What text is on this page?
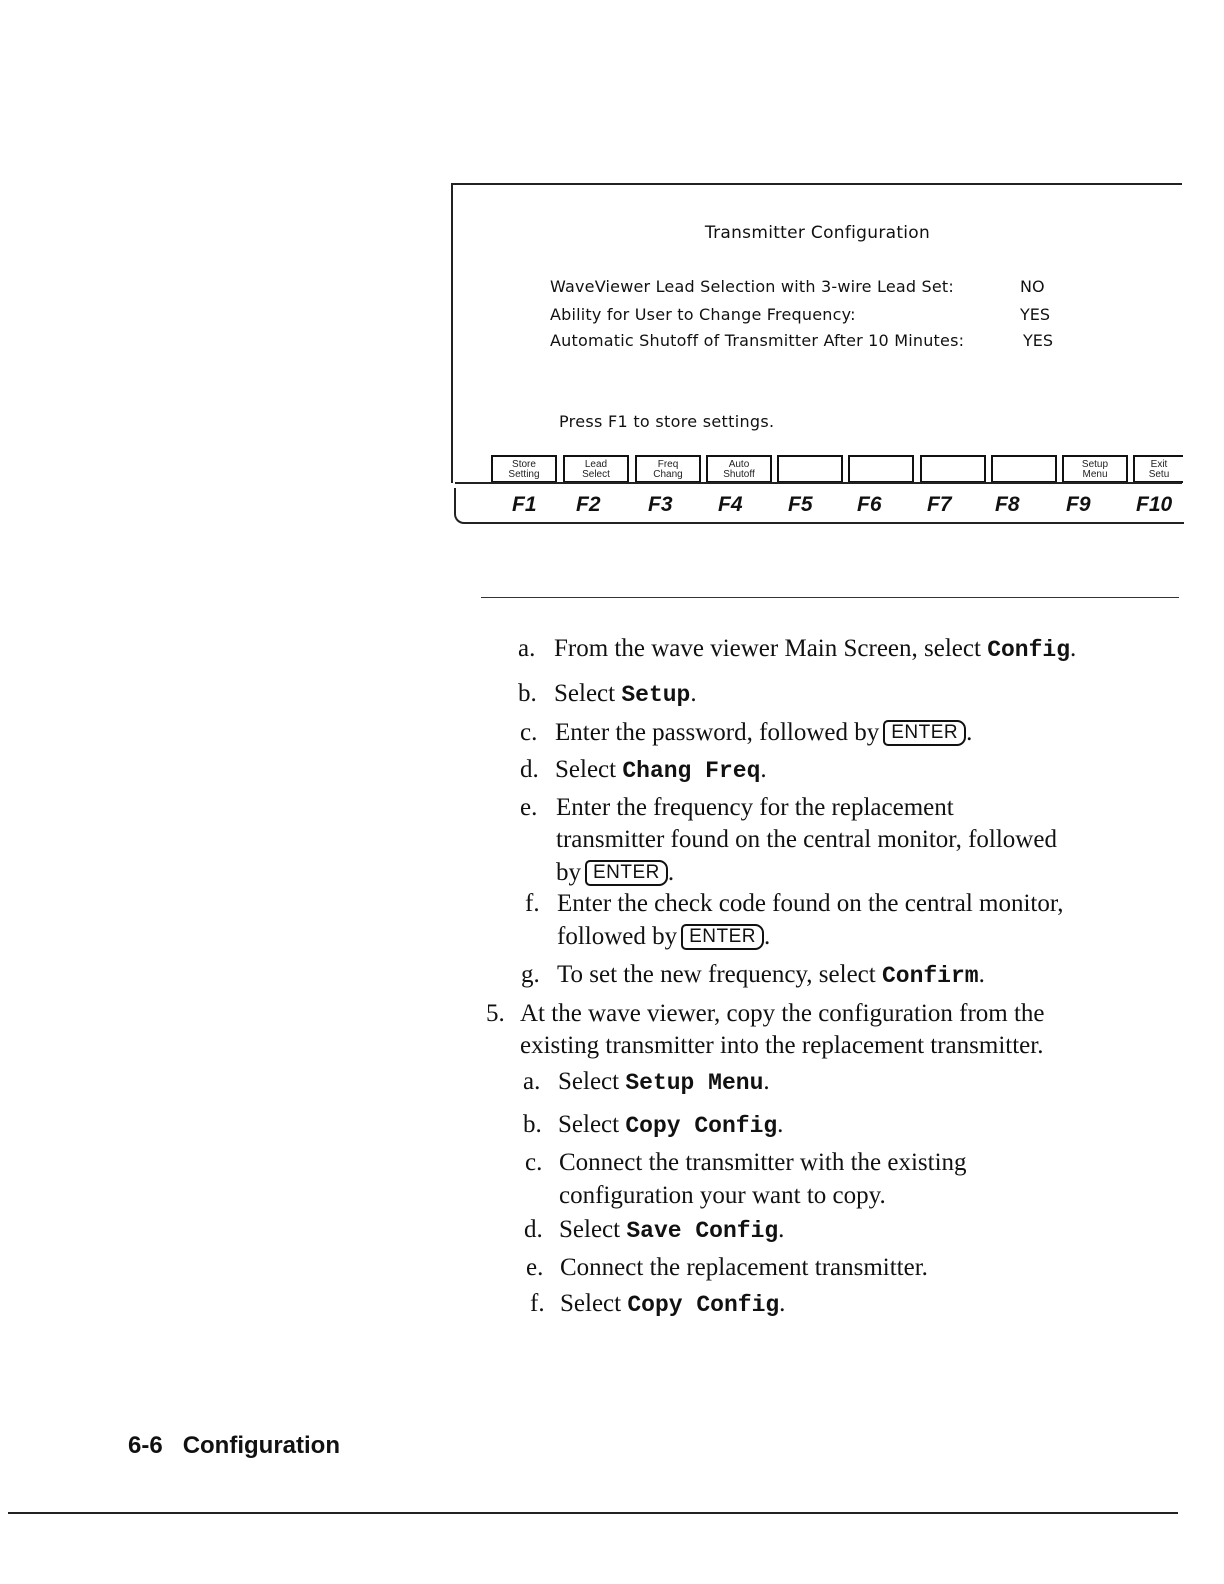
Transmitter Configuration
WaveViewer Lead Selection with 3-wire Lead Set:	NO
Ability for User to Change Frequency:	YES
Automatic Shutoff of Transmitter After 10 Minutes:	YES
Press F1 to store settings.
Store
Setting
Lead
Select
Freq
Chang
Auto
Shutoff
Setup
Menu
Exit
Setu
F1 F2 F3 F4 F5 F6 F7 F8 F9 F10
a. From the wave viewer Main Screen, select Config.
b. Select Setup.
c. Enter the password, followed by ENTER .
d. Select Chang Freq.
e. Enter the frequency for the replacement
transmitter found on the central monitor, followed
by ENTER .
f. Enter the check code found on the central monitor,
followed by ENTER .
g. To set the new frequency, select Confirm.
5. At the wave viewer, copy the configuration from the
existing transmitter into the replacement transmitter.
a. Select Setup Menu.
b. Select Copy Config.
c. Connect the transmitter with the existing
configuration your want to copy.
d. Select Save Config.
e. Connect the replacement transmitter.
f. Select Copy Config.
6-6   Configuration
